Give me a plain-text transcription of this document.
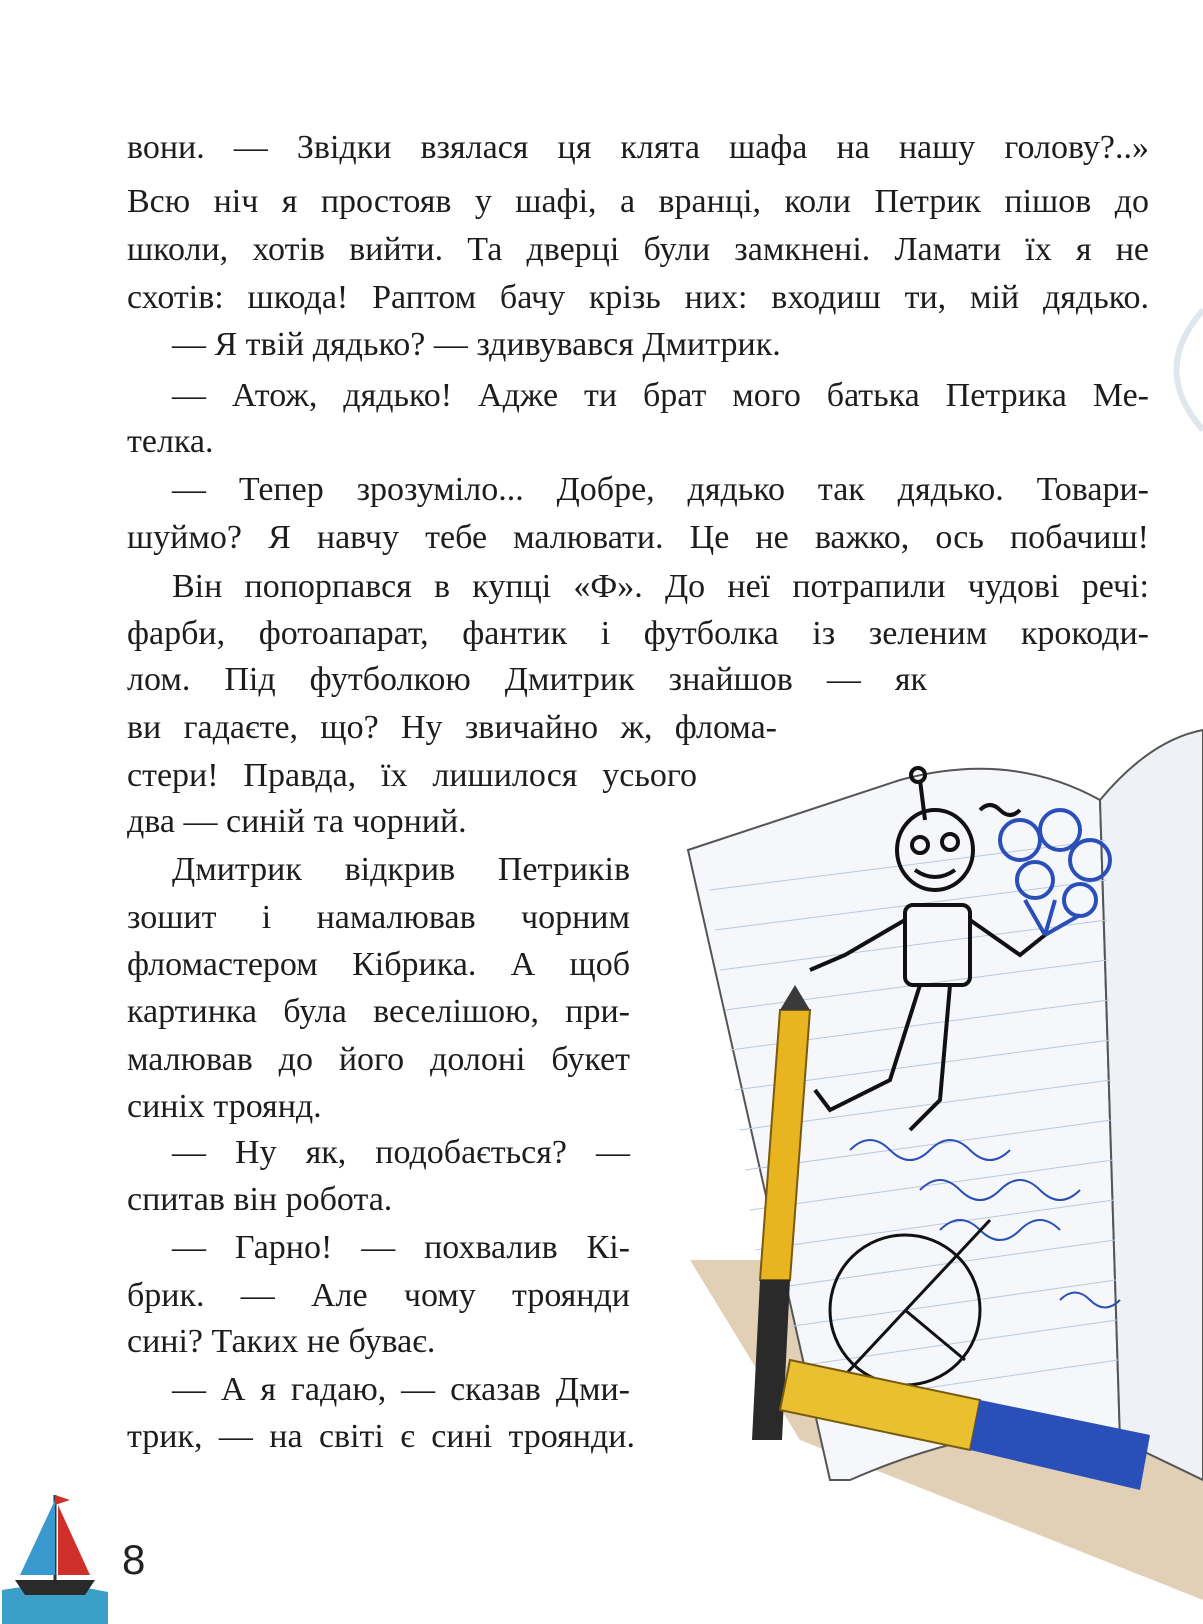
вони. — Звідки взялася ця клята шафа на нашу голову?..»
Всю ніч я простояв у шафі, а вранці, коли Петрик пішов до
школи, хотів вийти. Та дверці були замкнені. Ламати їх я не
схотів: шкода! Раптом бачу крізь них: входиш ти, мій дядько.
— Я твій дядько? — здивувався Дмитрик.
— Атож, дядько! Адже ти брат мого батька Петрика Ме-
телка.
— Тепер зрозуміло... Добре, дядько так дядько. Товари-
шуймо? Я навчу тебе малювати. Це не важко, ось побачиш!
Він попорпався в купці «Ф». До неї потрапили чудові речі:
фарби, фотоапарат, фантик і футболка із зеленим крокоди-
лом. Під футболкою Дмитрик знайшов — як
ви гадаєте, що? Ну звичайно ж, флома-
стери! Правда, їх лишилося усього
два — синій та чорний.
Дмитрик відкрив Петриків
зошит і намалював чорним
фломастером Кібрика. А щоб
картинка була веселішою, при-
малював до його долоні букет
синіх троянд.
— Ну як, подобається? —
спитав він робота.
— Гарно! — похвалив Кі-
брик. — Але чому троянди
сині? Таких не буває.
— А я гадаю, — сказав Дми-
трик, — на світі є сині троянди.
8
